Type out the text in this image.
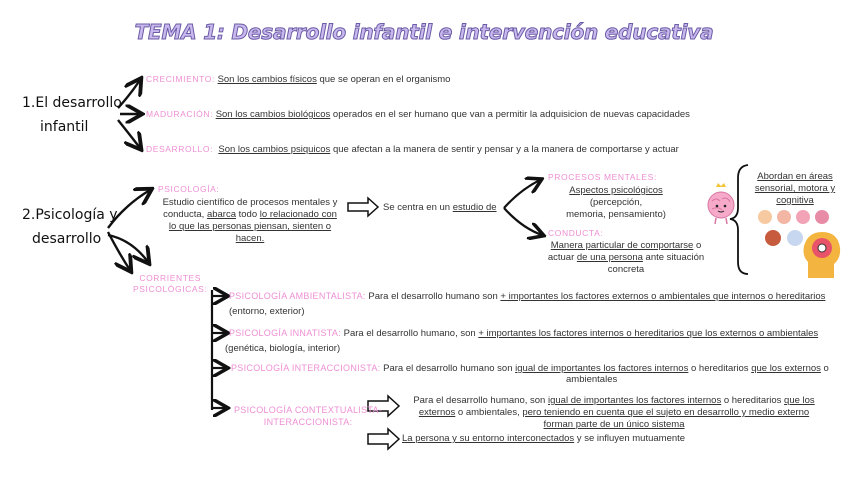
TEMA 1: Desarrollo infantil e intervención educativa
1.El desarrollo
infantil
CRECIMIENTO: Son los cambios físicos que se operan en el organismo
MADURACIÓN: Son los cambios biológicos operados en el ser humano que van a permitir la adquisicion de nuevas capacidades
DESARROLLO: Son los cambios psiquicos que afectan a la manera de sentir y pensar y a la manera de comportarse y actuar
2.Psicología y
desarrollo
PSICOLOGÍA:
Estudio científico de procesos mentales y
conducta, abarca todo lo relacionado con
lo que las personas piensan, sienten o
hacen.
Se centra en un estudio de
PROCESOS MENTALES:
Aspectos psicológicos (percepción,
memoria, pensamiento)
CONDUCTA:
Manera particular de comportarse o
actuar de una persona ante situación
concreta
Abordan en áreas
sensorial, motora y
cognitiva
CORRIENTES
PSICOLÓGICAS:
PSICOLOGÍA AMBIENTALISTA: Para el desarrollo humano son + importantes los factores externos o ambientales que internos o hereditarios
(entorno, exterior)
PSICOLOGÍA INNATISTA: Para el desarrollo humano, son + importantes los factores internos o hereditarios que los externos o ambientales
(genética, biología, interior)
PSICOLOGÍA INTERACCIONISTA: Para el desarrollo humano son igual de importantes los factores internos o hereditarios que los externos o
ambientales
PSICOLOGÍA CONTEXTUALISTA-
INTERACCIONISTA:
Para el desarrollo humano, son igual de importantes los factores internos o hereditarios que los
externos o ambientales, pero teniendo en cuenta que el sujeto en desarrollo y medio externo
forman parte de un único sistema
La persona y su entorno interconectados y se influyen mutuamente
